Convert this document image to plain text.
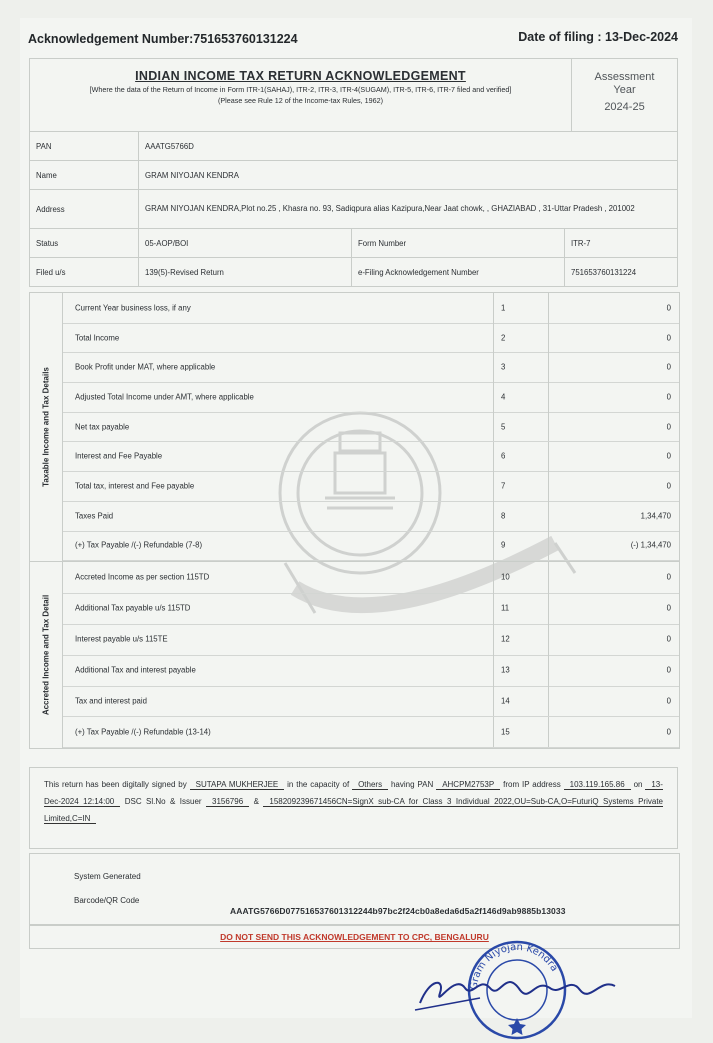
Acknowledgement Number:751653760131224	Date of filing : 13-Dec-2024
INDIAN INCOME TAX RETURN ACKNOWLEDGEMENT
[Where the data of the Return of Income in Form ITR-1(SAHAJ), ITR-2, ITR-3, ITR-4(SUGAM), ITR-5, ITR-6, ITR-7 filed and verified]
(Please see Rule 12 of the Income-tax Rules, 1962)
Assessment
Year
2024-25
PAN	AAATG5766D		
Name	GRAM NIYOJAN KENDRA		
Address	GRAM NIYOJAN KENDRA,Plot no.25 , Khasra no. 93, Sadiqpura alias Kazipura,Near Jaat chowk, , GHAZIABAD , 31-Uttar Pradesh , 201002		
Status	05-AOP/BOI	Form Number	ITR-7
Filed u/s	139(5)-Revised Return	e-Filing Acknowledgement Number	751653760131224
Taxable Income and Tax Details
Current Year business loss, if any	1	0
Total Income	2	0
Book Profit under MAT, where applicable	3	0
Adjusted Total Income under AMT, where applicable	4	0
Net tax payable	5	0
Interest and Fee Payable	6	0
Total tax, interest and Fee payable	7	0
Taxes Paid	8	1,34,470
(+) Tax Payable /(-) Refundable (7-8)	9	(-) 1,34,470
Accreted Income and Tax Detail
Accreted Income as per section 115TD	10	0
Additional Tax payable u/s 115TD	11	0
Interest payable u/s 115TE	12	0
Additional Tax and interest payable	13	0
Tax and interest paid	14	0
(+) Tax Payable /(-) Refundable (13-14)	15	0
This return has been digitally signed by SUTAPA MUKHERJEE in the capacity of Others having PAN AHCPM2753P from IP address 103.119.165.86 on 13-Dec-2024 12:14:00 DSC Sl.No & Issuer 3156796 & 158209239671456CN=SignX sub-CA for Class 3 Individual 2022,OU=Sub-CA,O=FuturiQ Systems Private Limited,C=IN
System Generated
Barcode/QR Code
AAATG5766D077516537601312244b97bc2f24cb0a8eda6d5a2f146d9ab9885b13033
DO NOT SEND THIS ACKNOWLEDGEMENT TO CPC, BENGALURU
Gram Niyojan Kendra
